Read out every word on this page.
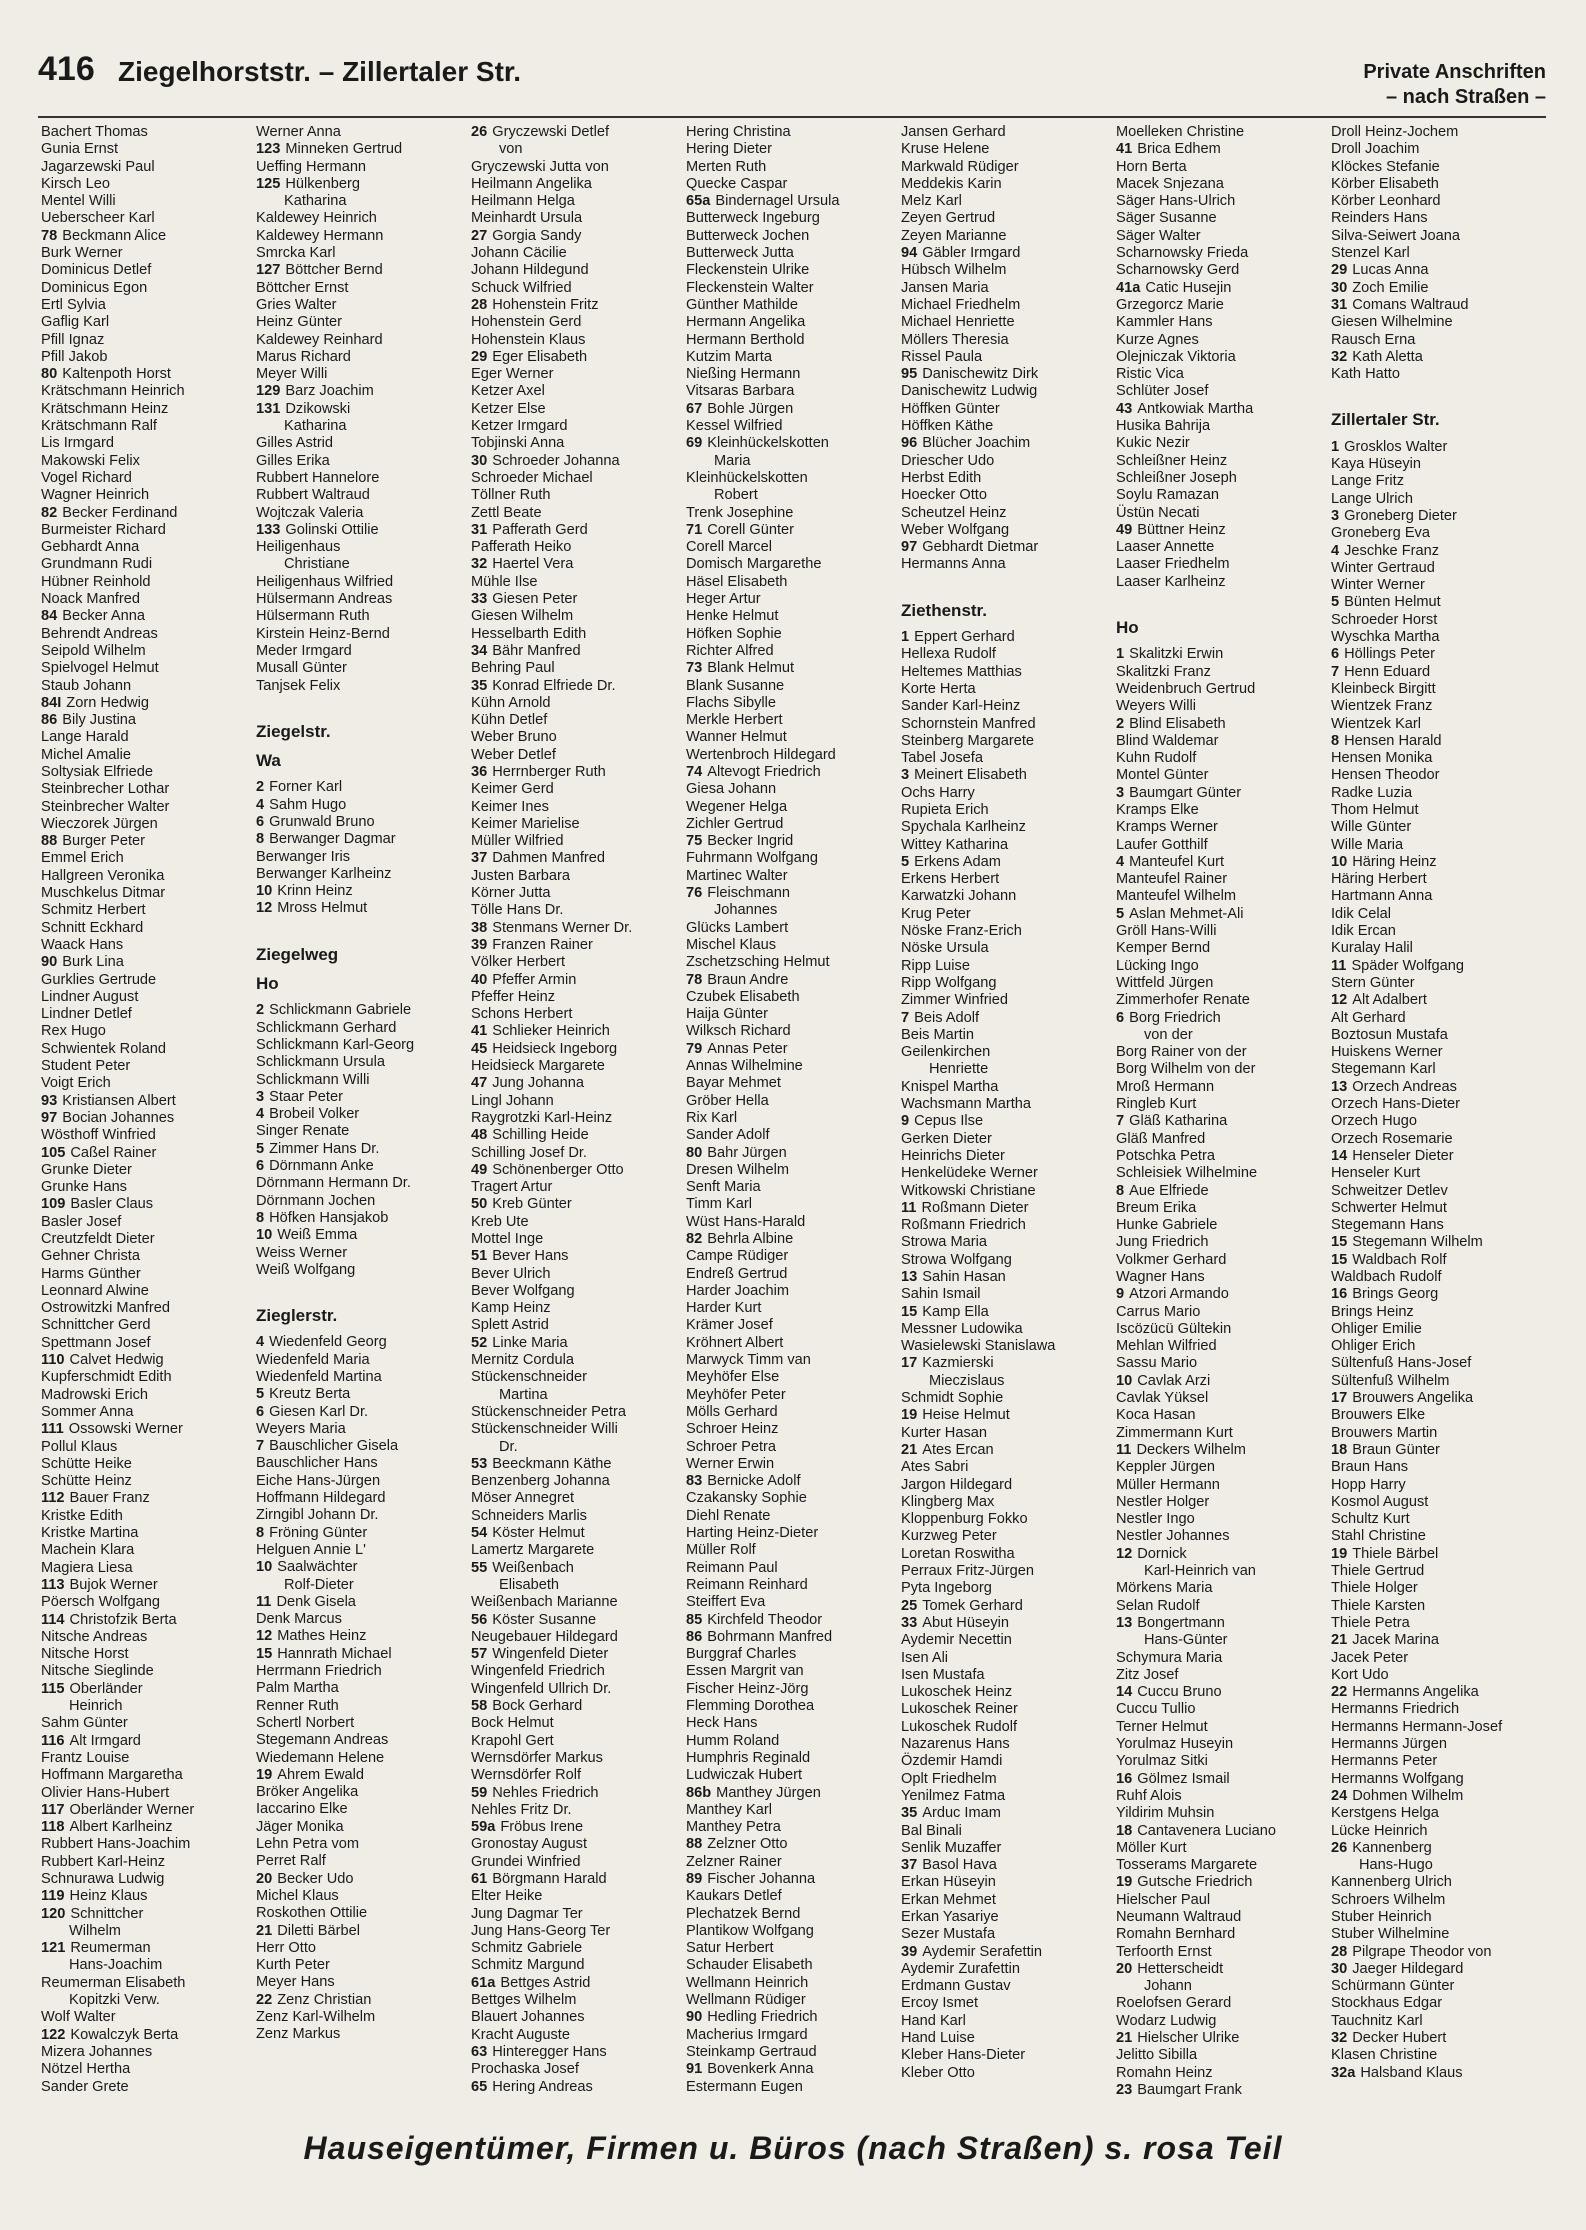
416 Ziegelhorststr. – Zillertaler Str.	Private Anschriften
– nach Straßen –
Bachert Thomas
Gunia Ernst
Jagarzewski Paul
Kirsch Leo
Mentel Willi
Ueberscheer Karl
78 Beckmann Alice
Burk Werner
Dominicus Detlef
Dominicus Egon
Ertl Sylvia
Gaflig Karl
Pfill Ignaz
Pfill Jakob
80 Kaltenpoth Horst
Krätschmann Heinrich
Krätschmann Heinz
Krätschmann Ralf
Lis Irmgard
Makowski Felix
Vogel Richard
Wagner Heinrich
82 Becker Ferdinand
Burmeister Richard
Gebhardt Anna
Grundmann Rudi
Hübner Reinhold
Noack Manfred
84 Becker Anna
Behrendt Andreas
Seipold Wilhelm
Spielvogel Helmut
Staub Johann
84I Zorn Hedwig
86 Bily Justina
Lange Harald
Michel Amalie
Soltysiak Elfriede
Steinbrecher Lothar
Steinbrecher Walter
Wieczorek Jürgen
88 Burger Peter
Emmel Erich
Hallgreen Veronika
Muschkelus Ditmar
Schmitz Herbert
Schnitt Eckhard
Waack Hans
90 Burk Lina
Gurklies Gertrude
Lindner August
Lindner Detlef
Rex Hugo
Schwientek Roland
Student Peter
Voigt Erich
93 Kristiansen Albert
97 Bocian Johannes
Wösthoff Winfried
105 Caßel Rainer
Grunke Dieter
Grunke Hans
109 Basler Claus
Basler Josef
Creutzfeldt Dieter
Gehner Christa
Harms Günther
Leonnard Alwine
Ostrowitzki Manfred
Schnittcher Gerd
Spettmann Josef
110 Calvet Hedwig
Kupferschmidt Edith
Madrowski Erich
Sommer Anna
111 Ossowski Werner
Pollul Klaus
Schütte Heike
Schütte Heinz
112 Bauer Franz
Kristke Edith
Kristke Martina
Machein Klara
Magiera Liesa
113 Bujok Werner
Pöersch Wolfgang
114 Christofzik Berta
Nitsche Andreas
Nitsche Horst
Nitsche Sieglinde
115 Oberländer
Heinrich
Sahm Günter
116 Alt Irmgard
Frantz Louise
Hoffmann Margaretha
Olivier Hans-Hubert
117 Oberländer Werner
118 Albert Karlheinz
Rubbert Hans-Joachim
Rubbert Karl-Heinz
Schnurawa Ludwig
119 Heinz Klaus
120 Schnittcher
Wilhelm
121 Reumerman
Hans-Joachim
Reumerman Elisabeth
Kopitzki Verw.
Wolf Walter
122 Kowalczyk Berta
Mizera Johannes
Nötzel Hertha
Sander Grete
Werner Anna
123 Minneken Gertrud
Ueffing Hermann
125 Hülkenberg
Katharina
Kaldewey Heinrich
Kaldewey Hermann
Smrcka Karl
127 Böttcher Bernd
Böttcher Ernst
Gries Walter
Heinz Günter
Kaldewey Reinhard
Marus Richard
Meyer Willi
129 Barz Joachim
131 Dzikowski
Katharina
Gilles Astrid
Gilles Erika
Rubbert Hannelore
Rubbert Waltraud
Wojtczak Valeria
133 Golinski Ottilie
Heiligenhaus
Christiane
Heiligenhaus Wilfried
Hülsermann Andreas
Hülsermann Ruth
Kirstein Heinz-Bernd
Meder Irmgard
Musall Günter
Tanjsek Felix
Ziegelstr.
Wa
2 Forner Karl
4 Sahm Hugo
6 Grunwald Bruno
8 Berwanger Dagmar
Berwanger Iris
Berwanger Karlheinz
10 Krinn Heinz
12 Mross Helmut
Ziegelweg
Ho
2 Schlickmann Gabriele
Schlickmann Gerhard
Schlickmann Karl-Georg
Schlickmann Ursula
Schlickmann Willi
3 Staar Peter
4 Brobeil Volker
Singer Renate
5 Zimmer Hans Dr.
6 Dörnmann Anke
Dörnmann Hermann Dr.
Dörnmann Jochen
8 Höfken Hansjakob
10 Weiß Emma
Weiss Werner
Weiß Wolfgang
Zieglerstr.
4 Wiedenfeld Georg
Wiedenfeld Maria
Wiedenfeld Martina
5 Kreutz Berta
6 Giesen Karl Dr.
Weyers Maria
7 Bauschlicher Gisela
Bauschlicher Hans
Eiche Hans-Jürgen
Hoffmann Hildegard
Zirngibl Johann Dr.
8 Fröning Günter
Helguen Annie L'
10 Saalwächter
Rolf-Dieter
11 Denk Gisela
Denk Marcus
12 Mathes Heinz
15 Hannrath Michael
Herrmann Friedrich
Palm Martha
Renner Ruth
Schertl Norbert
Stegemann Andreas
Wiedemann Helene
19 Ahrem Ewald
Bröker Angelika
Iaccarino Elke
Jäger Monika
Lehn Petra vom
Perret Ralf
20 Becker Udo
Michel Klaus
Roskothen Ottilie
21 Diletti Bärbel
Herr Otto
Kurth Peter
Meyer Hans
22 Zenz Christian
Zenz Karl-Wilhelm
Zenz Markus
26 Gryczewski Detlef
von
Gryczewski Jutta von
Heilmann Angelika
Heilmann Helga
Meinhardt Ursula
27 Gorgia Sandy
Johann Cäcilie
Johann Hildegund
Schuck Wilfried
28 Hohenstein Fritz
Hohenstein Gerd
Hohenstein Klaus
29 Eger Elisabeth
Eger Werner
Ketzer Axel
Ketzer Else
Ketzer Irmgard
Tobjinski Anna
30 Schroeder Johanna
Schroeder Michael
Töllner Ruth
Zettl Beate
31 Pafferath Gerd
Pafferath Heiko
32 Haertel Vera
Mühle Ilse
33 Giesen Peter
Giesen Wilhelm
Hesselbarth Edith
34 Bähr Manfred
Behring Paul
35 Konrad Elfriede Dr.
Kühn Arnold
Kühn Detlef
Weber Bruno
Weber Detlef
36 Herrnberger Ruth
Keimer Gerd
Keimer Ines
Keimer Marielise
Müller Wilfried
37 Dahmen Manfred
Justen Barbara
Körner Jutta
Tölle Hans Dr.
38 Stenmans Werner Dr.
39 Franzen Rainer
Völker Herbert
40 Pfeffer Armin
Pfeffer Heinz
Schons Herbert
41 Schlieker Heinrich
45 Heidsieck Ingeborg
Heidsieck Margarete
47 Jung Johanna
Lingl Johann
Raygrotzki Karl-Heinz
48 Schilling Heide
Schilling Josef Dr.
49 Schönenberger Otto
Tragert Artur
50 Kreb Günter
Kreb Ute
Mottel Inge
51 Bever Hans
Bever Ulrich
Bever Wolfgang
Kamp Heinz
Splett Astrid
52 Linke Maria
Mernitz Cordula
Stückenschneider
Martina
Stückenschneider Petra
Stückenschneider Willi
Dr.
53 Beeckmann Käthe
Benzenberg Johanna
Möser Annegret
Schneiders Marlis
54 Köster Helmut
Lamertz Margarete
55 Weißenbach
Elisabeth
Weißenbach Marianne
56 Köster Susanne
Neugebauer Hildegard
57 Wingenfeld Dieter
Wingenfeld Friedrich
Wingenfeld Ullrich Dr.
58 Bock Gerhard
Bock Helmut
Krapohl Gert
Wernsdörfer Markus
Wernsdörfer Rolf
59 Nehles Friedrich
Nehles Fritz Dr.
59a Fröbus Irene
Gronostay August
Grundei Winfried
61 Börgmann Harald
Elter Heike
Jung Dagmar Ter
Jung Hans-Georg Ter
Schmitz Gabriele
Schmitz Margund
61a Bettges Astrid
Bettges Wilhelm
Blauert Johannes
Kracht Auguste
63 Hintereggеr Hans
Prochaska Josef
65 Hering Andreas
Hering Christina
Hering Dieter
Merten Ruth
Quecke Caspar
65a Bindernagel Ursula
Butterweck Ingeburg
Butterweck Jochen
Butterweck Jutta
Fleckenstein Ulrike
Fleckenstein Walter
Günther Mathilde
Hermann Angelika
Hermann Berthold
Kutzim Marta
Nießing Hermann
Vitsaras Barbara
67 Bohle Jürgen
Kessel Wilfried
69 Kleinhückelskotten
Maria
Kleinhückelskotten
Robert
Trenk Josephine
71 Corell Günter
Corell Marcel
Domisch Margarethe
Häsel Elisabeth
Heger Artur
Henke Helmut
Höfken Sophie
Richter Alfred
73 Blank Helmut
Blank Susanne
Flachs Sibylle
Merkle Herbert
Wanner Helmut
Wertenbroch Hildegard
74 Altevogt Friedrich
Giesa Johann
Wegener Helga
Zichler Gertrud
75 Becker Ingrid
Fuhrmann Wolfgang
Martinec Walter
76 Fleischmann
Johannes
Glücks Lambert
Mischel Klaus
Zschetzsching Helmut
78 Braun Andre
Czubek Elisabeth
Haija Günter
Wilksch Richard
79 Annas Peter
Annas Wilhelmine
Bayar Mehmet
Gröber Hella
Rix Karl
Sander Adolf
80 Bahr Jürgen
Dresen Wilhelm
Senft Maria
Timm Karl
Wüst Hans-Harald
82 Behrla Albine
Campe Rüdiger
Endreß Gertrud
Harder Joachim
Harder Kurt
Krämer Josef
Kröhnert Albert
Marwyck Timm van
Meyhöfer Else
Meyhöfer Peter
Mölls Gerhard
Schroer Heinz
Schroer Petra
Werner Erwin
83 Bernicke Adolf
Czakansky Sophie
Diehl Renate
Harting Heinz-Dieter
Müller Rolf
Reimann Paul
Reimann Reinhard
Steiffert Eva
85 Kirchfeld Theodor
86 Bohrmann Manfred
Burggraf Charles
Essen Margrit van
Fischer Heinz-Jörg
Flemming Dorothea
Heck Hans
Humm Roland
Humphris Reginald
Ludwiczak Hubert
86b Manthey Jürgen
Manthey Karl
Manthey Petra
88 Zelzner Otto
Zelzner Rainer
89 Fischer Johanna
Kaukars Detlef
Plechatzek Bernd
Plantikow Wolfgang
Satur Herbert
Schauder Elisabeth
Wellmann Heinrich
Wellmann Rüdiger
90 Hedling Friedrich
Macherius Irmgard
Steinkamp Gertraud
91 Bovenkerk Anna
Estermann Eugen
Jansen Gerhard
Kruse Helene
Markwald Rüdiger
Meddekis Karin
Melz Karl
Zeyen Gertrud
Zeyen Marianne
94 Gäbler Irmgard
Hübsch Wilhelm
Jansen Maria
Michael Friedhelm
Michael Henriette
Möllers Theresia
Rissel Paula
95 Danischewitz Dirk
Danischewitz Ludwig
Höffken Günter
Höffken Käthe
96 Blücher Joachim
Driescher Udo
Herbst Edith
Hoecker Otto
Scheutzel Heinz
Weber Wolfgang
97 Gebhardt Dietmar
Hermanns Anna
Ziethenstr.
1 Eppert Gerhard
Hellexa Rudolf
Heltemes Matthias
Korte Herta
Sander Karl-Heinz
Schornstein Manfred
Steinberg Margarete
Tabel Josefa
3 Meinert Elisabeth
Ochs Harry
Rupieta Erich
Spychala Karlheinz
Wittey Katharina
5 Erkens Adam
Erkens Herbert
Karwatzki Johann
Krug Peter
Nöske Franz-Erich
Nöske Ursula
Ripp Luise
Ripp Wolfgang
Zimmer Winfried
7 Beis Adolf
Beis Martin
Geilenkirchen
Henriette
Knispel Martha
Wachsmann Martha
9 Cepus Ilse
Gerken Dieter
Heinrichs Dieter
Henkelüdeke Werner
Witkowski Christiane
11 Roßmann Dieter
Roßmann Friedrich
Strowa Maria
Strowa Wolfgang
13 Sahin Hasan
Sahin Ismail
15 Kamp Ella
Messner Ludowika
Wasielewski Stanislawa
17 Kazmierski
Mieczislaus
Schmidt Sophie
19 Heise Helmut
Kurter Hasan
21 Ates Ercan
Ates Sabri
Jargon Hildegard
Klingberg Max
Kloppenburg Fokko
Kurzweg Peter
Loretan Roswitha
Perraux Fritz-Jürgen
Pyta Ingeborg
25 Tomek Gerhard
33 Abut Hüseyin
Aydemir Necettin
Isen Ali
Isen Mustafa
Lukoschek Heinz
Lukoschek Reiner
Lukoschek Rudolf
Nazarenus Hans
Özdemir Hamdi
Oplt Friedhelm
Yenilmez Fatma
35 Arduc Imam
Bal Binali
Senlik Muzaffer
37 Basol Hava
Erkan Hüseyin
Erkan Mehmet
Erkan Yasariye
Sezer Mustafa
39 Aydemir Serafettin
Aydemir Zurafettin
Erdmann Gustav
Ercoy Ismet
Hand Karl
Hand Luise
Kleber Hans-Dieter
Kleber Otto
Moelleken Christine
41 Brica Edhem
Horn Berta
Macek Snjezana
Säger Hans-Ulrich
Säger Susanne
Säger Walter
Scharnowsky Frieda
Scharnowsky Gerd
41a Catic Husejin
Grzegorcz Marie
Kammler Hans
Kurze Agnes
Olejniczak Viktoria
Ristic Vica
Schlüter Josef
43 Antkowiak Martha
Husika Bahrija
Kukic Nezir
Schleißner Heinz
Schleißner Joseph
Soylu Ramazan
Üstün Necati
49 Büttner Heinz
Laaser Annette
Laaser Friedhelm
Laaser Karlheinz
Ho
1 Skalitzki Erwin
Skalitzki Franz
Weidenbruch Gertrud
Weyers Willi
2 Blind Elisabeth
Blind Waldemar
Kuhn Rudolf
Montel Günter
3 Baumgart Günter
Kramps Elke
Kramps Werner
Laufer Gotthilf
4 Manteufel Kurt
Manteufel Rainer
Manteufel Wilhelm
5 Aslan Mehmet-Ali
Gröll Hans-Willi
Kemper Bernd
Lücking Ingo
Wittfeld Jürgen
Zimmerhofer Renate
6 Borg Friedrich
von der
Borg Rainer von der
Borg Wilhelm von der
Mroß Hermann
Ringleb Kurt
7 Gläß Katharina
Gläß Manfred
Potschka Petra
Schleisiek Wilhelmine
8 Aue Elfriede
Breum Erika
Hunke Gabriele
Jung Friedrich
Volkmer Gerhard
Wagner Hans
9 Atzori Armando
Carrus Mario
Iscözücü Gültekin
Mehlan Wilfried
Sassu Mario
10 Cavlak Arzi
Cavlak Yüksel
Koca Hasan
Zimmermann Kurt
11 Deckers Wilhelm
Keppler Jürgen
Müller Hermann
Nestler Holger
Nestler Ingo
Nestler Johannes
12 Dornick
Karl-Heinrich van
Mörkens Maria
Selan Rudolf
13 Bongertmann
Hans-Günter
Schymura Maria
Zitz Josef
14 Cuccu Bruno
Cuccu Tullio
Terner Helmut
Yorulmaz Huseyin
Yorulmaz Sitki
16 Gölmez Ismail
Ruhf Alois
Yildirim Muhsin
18 Cantavenera Luciano
Möller Kurt
Tosserams Margarete
19 Gutsche Friedrich
Hielscher Paul
Neumann Waltraud
Romahn Bernhard
Terfoorth Ernst
20 Hetterscheidt
Johann
Roelofsen Gerard
Wodarz Ludwig
21 Hielscher Ulrike
Jelitto Sibilla
Romahn Heinz
23 Baumgart Frank
Droll Heinz-Jochem
Droll Joachim
Klöckes Stefanie
Körber Elisabeth
Körber Leonhard
Reinders Hans
Silva-Seiwert Joana
Stenzel Karl
29 Lucas Anna
30 Zoch Emilie
31 Comans Waltraud
Giesen Wilhelmine
Rausch Erna
32 Kath Aletta
Kath Hatto
Zillertaler Str.
1 Grosklos Walter
Kaya Hüseyin
Lange Fritz
Lange Ulrich
3 Groneberg Dieter
Groneberg Eva
4 Jeschke Franz
Winter Gertraud
Winter Werner
5 Bünten Helmut
Schroeder Horst
Wyschka Martha
6 Höllings Peter
7 Henn Eduard
Kleinbeck Birgitt
Wientzek Franz
Wientzek Karl
8 Hensen Harald
Hensen Monika
Hensen Theodor
Radke Luzia
Thom Helmut
Wille Günter
Wille Maria
10 Häring Heinz
Häring Herbert
Hartmann Anna
Idik Celal
Idik Ercan
Kuralay Halil
11 Späder Wolfgang
Stern Günter
12 Alt Adalbert
Alt Gerhard
Boztosun Mustafa
Huiskens Werner
Stegemann Karl
13 Orzech Andreas
Orzech Hans-Dieter
Orzech Hugo
Orzech Rosemarie
14 Henseler Dieter
Henseler Kurt
Schweitzer Detlev
Schwerter Helmut
Stegemann Hans
15 Stegemann Wilhelm
15 Waldbach Rolf
Waldbach Rudolf
16 Brings Georg
Brings Heinz
Ohliger Emilie
Ohliger Erich
Sültenfuß Hans-Josef
Sültenfuß Wilhelm
17 Brouwers Angelika
Brouwers Elke
Brouwers Martin
18 Braun Günter
Braun Hans
Hopp Harry
Kosmol August
Schultz Kurt
Stahl Christine
19 Thiele Bärbel
Thiele Gertrud
Thiele Holger
Thiele Karsten
Thiele Petra
21 Jacek Marina
Jacek Peter
Kort Udo
22 Hermanns Angelika
Hermanns Friedrich
Hermanns Hermann-Josef
Hermanns Jürgen
Hermanns Peter
Hermanns Wolfgang
24 Dohmen Wilhelm
Kerstgens Helga
Lücke Heinrich
26 Kannenberg
Hans-Hugo
Kannenberg Ulrich
Schroers Wilhelm
Stuber Heinrich
Stuber Wilhelmine
28 Pilgrape Theodor von
30 Jaeger Hildegard
Schürmann Günter
Stockhaus Edgar
Tauchnitz Karl
32 Decker Hubert
Klasen Christine
32a Halsband Klaus
Hauseigentümer, Firmen u. Büros (nach Straßen) s. rosa Teil
